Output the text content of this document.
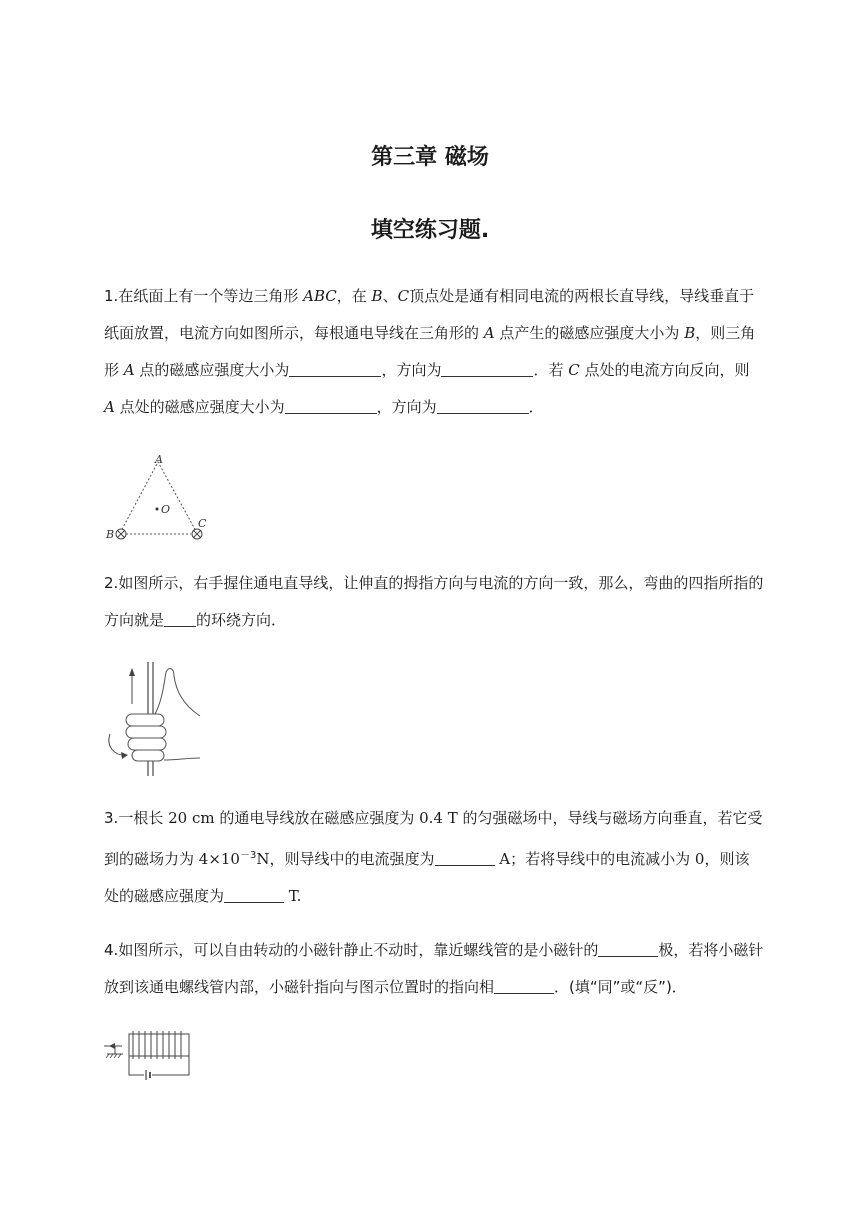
第三章 磁场
填空练习题.

1.在纸面上有一个等边三角形 ABC，在 B、C顶点处是通有相同电流的两根长直导线，导线垂直于纸面放置，电流方向如图所示，每根通电导线在三角形的 A 点产生的磁感应强度大小为 B，则三角形 A 点的磁感应强度大小为	，方向为	．若 C 点处的电流方向反向，则 A 点处的磁感应强度大小为	，方向为	．

A
B
C
O

2.如图所示，右手握住通电直导线，让伸直的拇指方向与电流的方向一致，那么，弯曲的四指所指的方向就是 的环绕方向．

3.一根长 20 cm 的通电导线放在磁感应强度为 0.4 T 的匀强磁场中，导线与磁场方向垂直，若它受到的磁场力为 $4\times 10^{-3}N$，则导线中的电流强度为	A；若将导线中的电流减小为 0，则该处的磁感应强度为	T.

4.如图所示，可以自由转动的小磁针静止不动时，靠近螺线管的是小磁针的	极，若将小磁针放到该通电螺线管内部，小磁针指向与图示位置时的指向相	．(填“同”或“反”)．
